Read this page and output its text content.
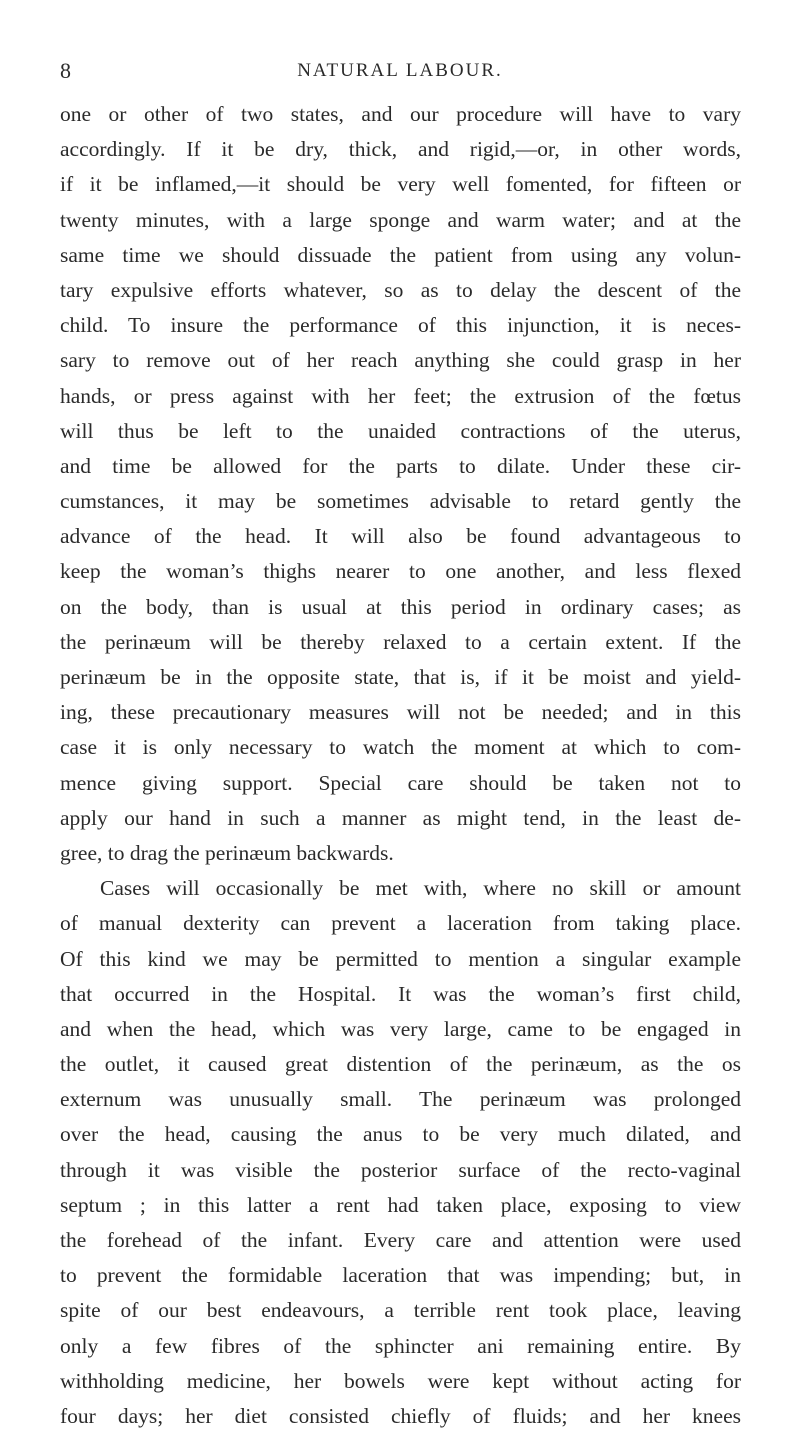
8	NATURAL LABOUR.
one or other of two states, and our procedure will have to vary
accordingly. If it be dry, thick, and rigid,—or, in other words,
if it be inflamed,—it should be very well fomented, for fifteen or
twenty minutes, with a large sponge and warm water; and at the
same time we should dissuade the patient from using any volun-
tary expulsive efforts whatever, so as to delay the descent of the
child. To insure the performance of this injunction, it is neces-
sary to remove out of her reach anything she could grasp in her
hands, or press against with her feet; the extrusion of the fœtus
will thus be left to the unaided contractions of the uterus,
and time be allowed for the parts to dilate. Under these cir-
cumstances, it may be sometimes advisable to retard gently the
advance of the head. It will also be found advantageous to
keep the woman’s thighs nearer to one another, and less flexed
on the body, than is usual at this period in ordinary cases; as
the perinæum will be thereby relaxed to a certain extent. If the
perinæum be in the opposite state, that is, if it be moist and yield-
ing, these precautionary measures will not be needed; and in this
case it is only necessary to watch the moment at which to com-
mence giving support. Special care should be taken not to
apply our hand in such a manner as might tend, in the least de-
gree, to drag the perinæum backwards.
Cases will occasionally be met with, where no skill or amount
of manual dexterity can prevent a laceration from taking place.
Of this kind we may be permitted to mention a singular example
that occurred in the Hospital. It was the woman’s first child,
and when the head, which was very large, came to be engaged in
the outlet, it caused great distention of the perinæum, as the os
externum was unusually small. The perinæum was prolonged
over the head, causing the anus to be very much dilated, and
through it was visible the posterior surface of the recto-vaginal
septum ; in this latter a rent had taken place, exposing to view
the forehead of the infant. Every care and attention were used
to prevent the formidable laceration that was impending; but, in
spite of our best endeavours, a terrible rent took place, leaving
only a few fibres of the sphincter ani remaining entire. By
withholding medicine, her bowels were kept without acting for
four days; her diet consisted chiefly of fluids; and her knees
